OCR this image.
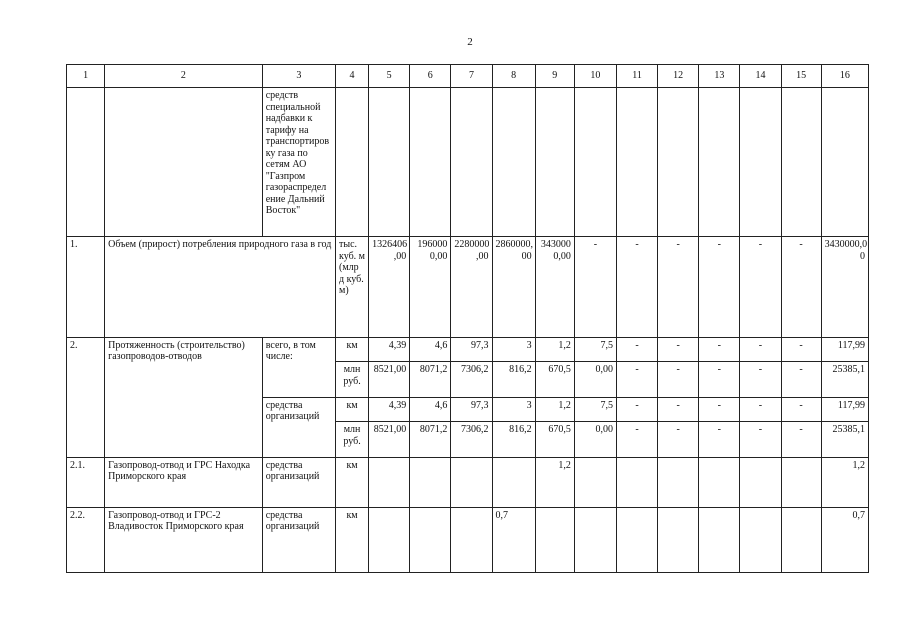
2
1	2	3	4	5	6	7	8	9	10	11	12	13	14	15	16
		средств специальной надбавки к тарифу на транспортиров ку газа по сетям АО "Газпром газораспредел ение Дальний Восток"													
1.	Объем (прирост) потребления природного газа в год		тыс. куб. м (млр д куб. м)	1326406 ,00	196000 0,00	2280000 ,00	2860000, 00	343000 0,00	-	-	-	-	-	-	3430000,0 0
2.	Протяженность (строительство) газопроводов-отводов	всего, в том числе:	км	4,39	4,6	97,3	3	1,2	7,5	-	-	-	-	-	117,99
			млн руб.	8521,00	8071,2	7306,2	816,2	670,5	0,00	-	-	-	-	-	25385,1
		средства организаций	км	4,39	4,6	97,3	3	1,2	7,5	-	-	-	-	-	117,99
			млн руб.	8521,00	8071,2	7306,2	816,2	670,5	0,00	-	-	-	-	-	25385,1
2.1.	Газопровод-отвод и ГРС Находка Приморского края	средства организаций	км					1,2							1,2
2.2.	Газопровод-отвод и ГРС-2 Владивосток Приморского края	средства организаций	км				0,7								0,7
